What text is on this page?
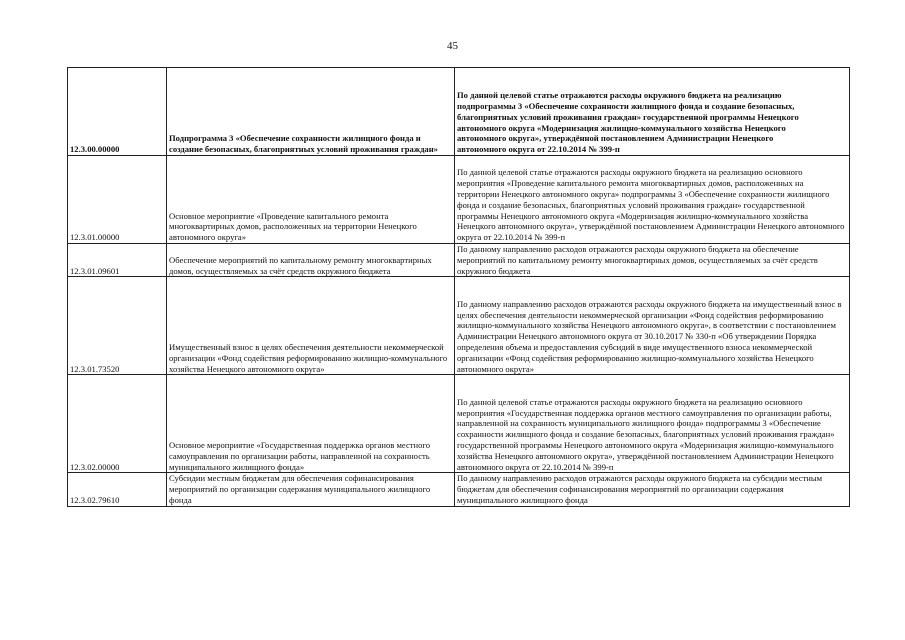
45
12.3.00.00000	Подпрограмма 3 «Обеспечение сохранности жилищного фонда и создание безопасных, благоприятных условий проживания граждан»	По данной целевой статье отражаются расходы окружного бюджета на реализацию подпрограммы 3 «Обеспечение сохранности жилищного фонда и создание безопасных, благоприятных условий проживания граждан» государственной программы Ненецкого автономного округа «Модернизация жилищно-коммунального хозяйства Ненецкого автономного округа», утверждённой постановлением Администрации Ненецкого автономного округа от 22.10.2014 № 399-п
12.3.01.00000	Основное мероприятие «Проведение капитального ремонта многоквартирных домов, расположенных на территории Ненецкого автономного округа»	По данной целевой статье отражаются расходы окружного бюджета на реализацию основного мероприятия «Проведение капитального ремонта многоквартирных домов, расположенных на территории Ненецкого автономного округа» подпрограммы 3 «Обеспечение сохранности жилищного фонда и создание безопасных, благоприятных условий проживания граждан» государственной программы Ненецкого автономного округа «Модернизация жилищно-коммунального хозяйства Ненецкого автономного округа», утверждённой постановлением Администрации Ненецкого автономного округа от 22.10.2014 № 399-п
12.3.01.09601	Обеспечение мероприятий по капитальному ремонту многоквартирных домов, осуществляемых за счёт средств окружного бюджета	По данному направлению расходов отражаются расходы окружного бюджета на обеспечение мероприятий по капитальному ремонту многоквартирных домов, осуществляемых за счёт средств окружного бюджета
12.3.01.73520	Имущественный взнос в целях обеспечения деятельности некоммерческой организации «Фонд содействия реформированию жилищно-коммунального хозяйства Ненецкого автономного округа»	По данному направлению расходов отражаются расходы окружного бюджета на имущественный взнос в целях обеспечения деятельности некоммерческой организации «Фонд содействия реформированию жилищно-коммунального хозяйства Ненецкого автономного округа», в соответствии с постановлением Администрации Ненецкого автономного округа от 30.10.2017 № 330-п «Об утверждении Порядка определения объема и предоставления субсидий в виде имущественного взноса некоммерческой организации «Фонд содействия реформированию жилищно-коммунального хозяйства Ненецкого автономного округа»
12.3.02.00000	Основное мероприятие «Государственная поддержка органов местного самоуправления по организации работы, направленной на сохранность муниципального жилищного фонда»	По данной целевой статье отражаются расходы окружного бюджета на реализацию основного мероприятия «Государственная поддержка органов местного самоуправления по организации работы, направленной на сохранность муниципального жилищного фонда» подпрограммы 3 «Обеспечение сохранности жилищного фонда и создание безопасных, благоприятных условий проживания граждан» государственной программы Ненецкого автономного округа «Модернизация жилищно-коммунального хозяйства Ненецкого автономного округа», утверждённой постановлением Администрации Ненецкого автономного округа от 22.10.2014 № 399-п
12.3.02.79610	Субсидии местным бюджетам для обеспечения софинансирования мероприятий по организации содержания муниципального жилищного фонда	По данному направлению расходов отражаются расходы окружного бюджета на субсидии местным бюджетам для обеспечения софинансирования мероприятий по организации содержания муниципального жилищного фонда
